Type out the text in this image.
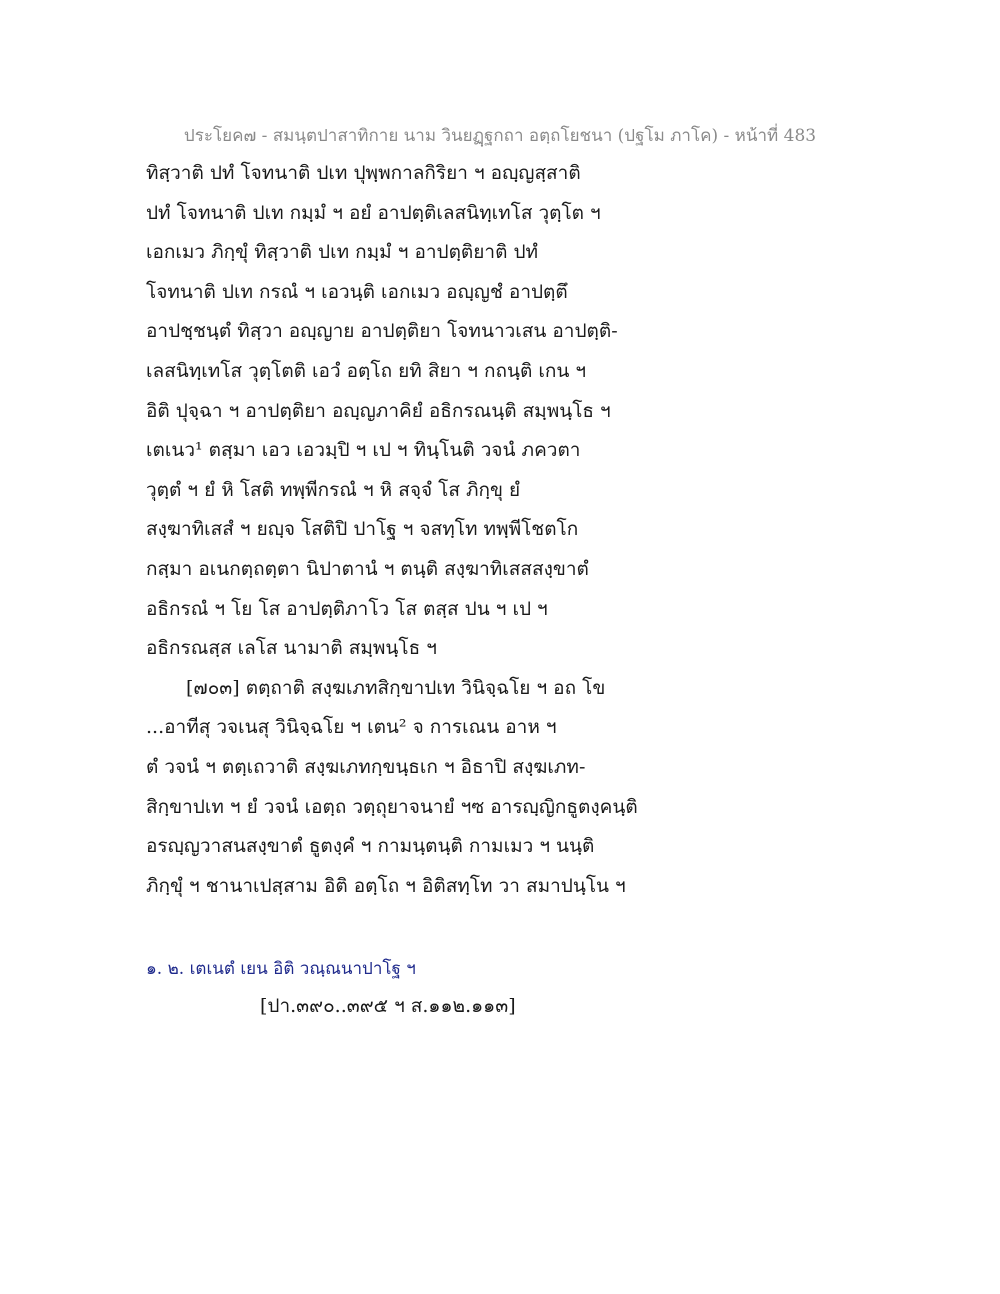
ประโยค๗ - สมนฺตปาสาทิกาย นาม วินยฏฺฐกถา อตฺถโยชนา (ปฐโม ภาโค) - หน้าที่ 483
ทิสฺวาติ ปทํ โจทนาติ ปเท ปุพฺพกาลกิริยา ฯ อญฺญสฺสาติ
ปทํ โจทนาติ ปเท กมฺมํ ฯ อยํ อาปตฺติเลสนิทฺเทโส วุตฺโต ฯ
เอกเมว ภิกฺขุํ ทิสฺวาติ ปเท กมฺมํ ฯ อาปตฺติยาติ ปทํ
โจทนาติ ปเท กรณํ ฯ เอวนฺติ เอกเมว อญฺญชํ อาปตฺตึ
อาปชฺชนฺตํ ทิสฺวา อญฺญาย อาปตฺติยา โจทนาวเสน อาปตฺติ-
เลสนิทฺเทโส วุตฺโตติ เอวํ อตฺโถ ยทิ สิยา ฯ กถนฺติ เกน ฯ
อิติ ปุจฺฉา ฯ อาปตฺติยา อญฺญภาคิยํ อธิกรณนฺติ สมฺพนฺโธ ฯ
เตเนว¹ ตสฺมา เอว เอวมฺปิ ฯ เป ฯ ทินฺโนติ วจนํ ภควตา
วุตฺตํ ฯ ยํ หิ โสติ ทพฺพีกรณํ ฯ หิ สจฺจํ โส ภิกฺขุ ยํ
สงฺฆาทิเสสํ ฯ ยญฺจ โสติปิ ปาโฐ ฯ จสทฺโท ทพฺพีโชตโก
กสฺมา อเนกตฺถตฺตา นิปาตานํ ฯ ตนฺติ สงฺฆาทิเสสสงฺขาตํ
อธิกรณํ ฯ โย โส อาปตฺติภาโว โส ตสฺส ปน ฯ เป ฯ
อธิกรณสฺส เลโส นามาติ สมฺพนฺโธ ฯ
[๗๐๓] ตตฺถาติ สงฺฆเภทสิกฺขาปเท วินิจฺฉโย ฯ อถ โข
...อาทีสุ วจเนสุ วินิจฺฉโย ฯ เตน² จ การเณน อาห ฯ
ตํ วจนํ ฯ ตตฺเถวาติ สงฺฆเภทกฺขนฺธเก ฯ อิธาปิ สงฺฆเภท-
สิกฺขาปเท ฯ ยํ วจนํ เอตฺถ วตฺถุยาจนายํ ฯซ อารญฺญิกธูตงฺคนฺติ
อรญฺญวาสนสงฺขาตํ ธูตงฺคํ ฯ กามนฺตนฺติ กามเมว ฯ นนฺติ
ภิกฺขุํ ฯ ชานาเปสฺสาม อิติ อตฺโถ ฯ อิติสทฺโท วา สมาปนฺโน ฯ
๑. ๒. เตเนตํ เยน อิติ วณฺณนาปาโฐ ฯ
[ปา.๓๙๐..๓๙๕ ฯ ส.๑๑๒.๑๑๓]
